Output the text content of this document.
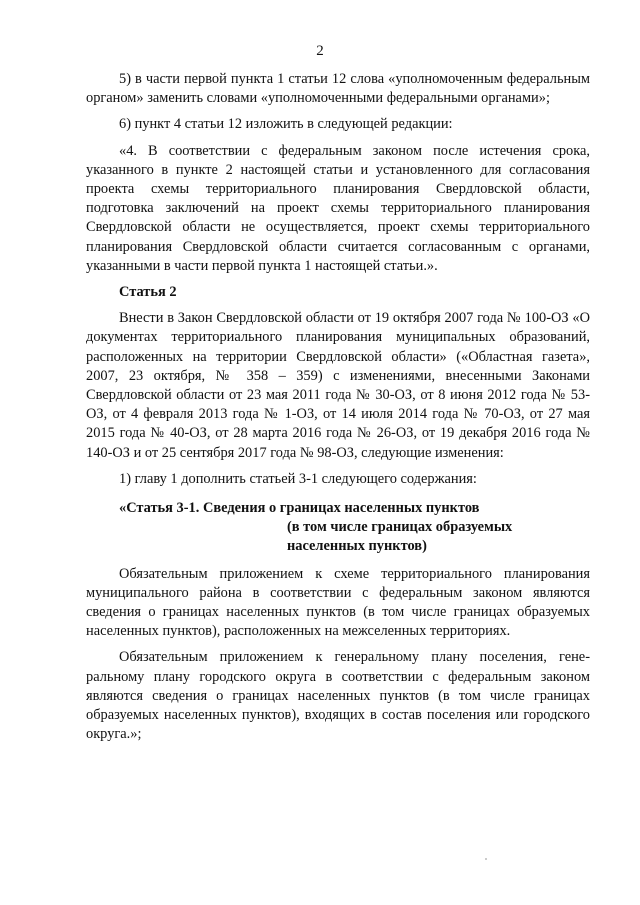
2

5) в части первой пункта 1 статьи 12 слова «уполномоченным федеральным органом» заменить словами «уполномоченными федеральными органами»;

6) пункт 4 статьи 12 изложить в следующей редакции:

«4. В соответствии с федеральным законом после истечения срока, указанного в пункте 2 настоящей статьи и установленного для согласования проекта схемы территориального планирования Свердловской области, подготовка заключений на проект схемы территориального планирования Свердловской области не осуществляется, проект схемы территориального планирования Свердловской области считается согласованным с органами, указанными в части первой пункта 1 настоящей статьи.».

Статья 2

Внести в Закон Свердловской области от 19 октября 2007 года № 100-ОЗ «О документах территориального планирования муниципальных образований, расположенных на территории Свердловской области» («Областная газета», 2007, 23 октября, № 358 – 359) с изменениями, внесенными Законами Свердловской области от 23 мая 2011 года № 30-ОЗ, от 8 июня 2012 года № 53-ОЗ, от 4 февраля 2013 года № 1-ОЗ, от 14 июля 2014 года № 70-ОЗ, от 27 мая 2015 года № 40-ОЗ, от 28 марта 2016 года № 26-ОЗ, от 19 декабря 2016 года № 140-ОЗ и от 25 сентября 2017 года № 98-ОЗ, следующие изменения:

1) главу 1 дополнить статьей 3-1 следующего содержания:

«Статья 3-1. Сведения о границах населенных пунктов
(в том числе границах образуемых
населенных пунктов)

Обязательным приложением к схеме территориального планирования муниципального района в соответствии с федеральным законом являются сведения о границах населенных пунктов (в том числе границах образуемых населенных пунктов), расположенных на межселенных территориях.

Обязательным приложением к генеральному плану поселения, генеральному плану городского округа в соответствии с федеральным законом являются сведения о границах населенных пунктов (в том числе границах образуемых населенных пунктов), входящих в состав поселения или городского округа.»;
